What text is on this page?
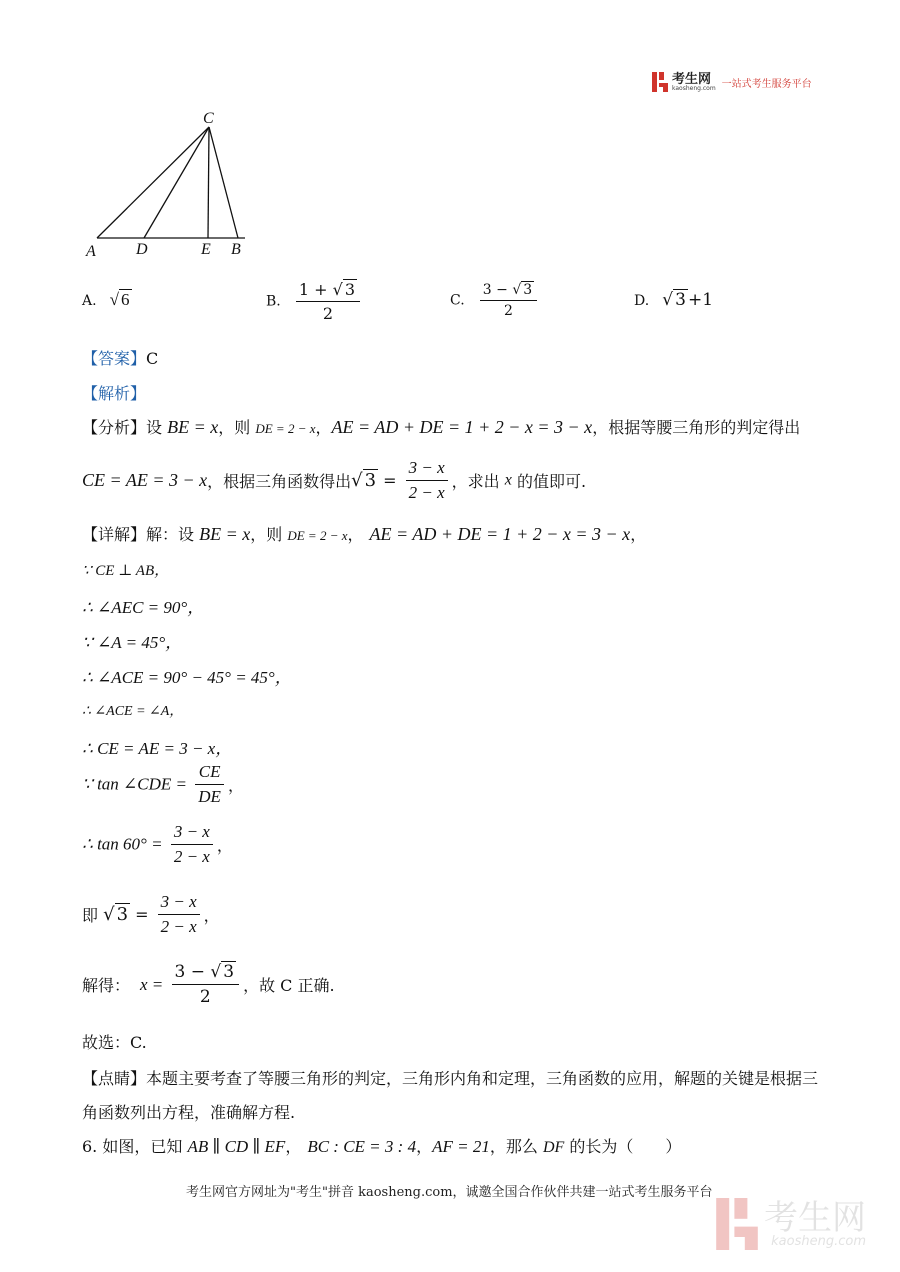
考生网
kaosheng.com 一站式考生服务平台
C
A	D	E B
A. √ 6	B. $\frac{1 + √ 3}{2}$	C. $\frac{3 - √ 3}{2}$	D. √ 3 +1
【答案】C
【解析】
【分析】设 BE = x，则 DE = 2 − x，AE = AD + DE = 1 + 2 − x = 3 − x，根据等腰三角形的判定得出
CE = AE = 3 − x，根据三角函数得出√ $3 = \frac{3 - x}{2 - x}$ ，求出 x 的值即可.
【详解】解：设 BE = x，则 DE = 2 − x， AE = AD + DE = 1 + 2 − x = 3 − x，
∵ CE ⊥ AB，
∴ ∠AEC = 90°，
∵ ∠A = 45°，
∴ ∠ACE = 90° − 45° = 45°，
∴ ∠ACE = ∠A，
∴ CE = AE = 3 − x，
∵ tan ∠CDE = $\frac{CE}{DE}$ ，
∴ $\tan 60^\circ = \frac{3 - x}{2 - x}$ ，
即 √ $3 = \frac{3 - x}{2 - x}$ ，
解得： $x = \frac{3 - √ 3}{2}$ ，故 C 正确.
故选：C.
【点睛】本题主要考查了等腰三角形的判定，三角形内角和定理，三角函数的应用，解题的关键是根据三
角函数列出方程，准确解方程.
6. 如图，已知 AB ∥ CD ∥ EF， BC : CE = 3 : 4，AF = 21，那么 DF 的长为（　　）
考生网官方网址为"考生"拼音 kaosheng.com，诚邀全国合作伙伴共建一站式考生服务平台
考生网
kaosheng.com
